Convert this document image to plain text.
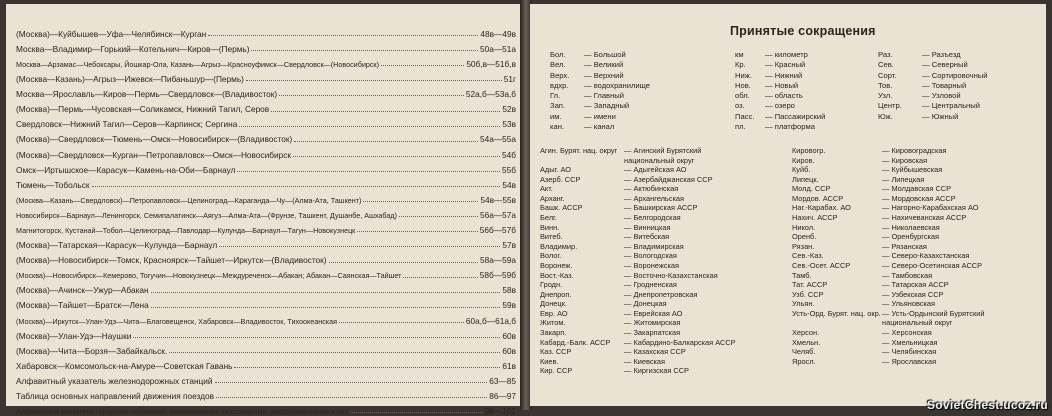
(Москва)—Куйбышев—Уфа—Челябинск—Курган	48в—49в
Москва—Владимир—Горький—Котельнич—Киров—(Пермь)	50а—51а
Москва—Арзамас—Чебоксары, Йошкар-Ола, Казань—Агрыз—Красноуфимск—Свердловск—(Новосибирск)	50б,в—51б,в
(Москва—Казань)—Агрыз—Ижевск—Пибаньшур—(Пермь)	51г
Москва—Ярославль—Киров—Пермь—Свердловск—(Владивосток)	52а,б—53а,б
(Москва)—Пермь—Чусовская—Соликамск, Нижний Тагил, Серов	52в
Свердловск—Нижний Тагил—Серов—Карпинск; Сергина	53в
(Москва)—Свердловск—Тюмень—Омск—Новосибирск—(Владивосток)	54а—55а
(Москва)—Свердловск—Курган—Петропавловск—Омск—Новосибирск	54б
Омск—Иртышское—Карасук—Камень-на-Оби—Барнаул	55б
Тюмень—Тобольск	54в
(Москва—Казань—Свердловск)—Петропавловск—Целиноград—Караганда—Чу—(Алма-Ата, Ташкент)	54в—55в
Новосибирск—Барнаул—Ленингорск, Семипалатинск—Аягуз—Алма-Ата—(Фрунзе, Ташкент, Душанбе, Ашхабад)	56а—57а
Магнитогорск, Кустанай—Тобол—Целиноград—Павлодар—Кулунда—Барнаул—Тагун—Новокузнецк	56б—57б
(Москва)—Татарская—Карасук—Кулунда—Барнаул	57в
(Москва)—Новосибирск—Томск, Красноярск—Тайшет—Иркутск—(Владивосток)	58а—59а
(Москва)—Новосибирск—Кемерово, Тогучин—Новокузнецк—Междуреченск—Абакан; Абакан—Саянская—Тайшет	58б—59б
(Москва)—Ачинск—Ужур—Абакан	58в
(Москва)—Тайшет—Братск—Лена	59в
(Москва)—Иркутск—Улан-Удэ—Чита—Благовещенск, Хабаровск—Владивосток, Тихоокеанская	60а,б—61а,б
(Москва)—Улан-Удэ—Наушки	60в
(Москва)—Чита—Борзя—Забайкальск.	60в
Хабаровск—Комсомольск-на-Амуре—Советская Гавань	61в
Алфавитный указатель железнодорожных станций	63—85
Таблица основных направлений движения поездов	86—97
Алфавитный указатель городских поселений, разноименных со станциями, расположенными в них	98—101
Принятые сокращения
Бол. — Большой
Вел. — Великий
Верх. — Верхний
вдхр. — водохранилище
Гл.	— Главный
Зап. — Западный
им.	— имени
кан.	— канал
км	— километр
Кр.	— Красный
Ниж. — Нижний
Нов. — Новый
обл. — область
оз.	— озеро
Пасс. — Пассажирский
пл.	— платформа
Раз.	— Разъезд
Сев.	— Северный
Сорт.	— Сортировочный
Тов.	— Товарный
Узл.	— Узловой
Центр.	— Центральный
Юж.	— Южный
Агин. Бурят. нац. округ — Агинский Бурятский национальный округ
Адыг. АО	— Адыгейская АО
Азерб. ССР	— Азербайджанская ССР
Акт.	— Актюбинская
Арханг.	— Архангельская
Башк. АССР	— Башкирская АССР
Белг.	— Белгородская
Винн.	— Винницкая
Витеб.	— Витебская
Владимир.	— Владимирская
Волог.	— Вологодская
Воронеж.	— Воронежская
Вост.-Каз.	— Восточно-Казахстанская
Гродн.	— Гродненская
Днепроп.	— Днепропетровская
Донецк.	— Донецкая
Евр. АО	— Еврейская АО
Житом.	— Житомирская
Закарп.	— Закарпатская
Кабард.-Балк. АССР — Кабардино-Балкарская АССР
Каз. ССР	— Казахская ССР
Киев.	— Киевская
Кир. ССР	— Киргизская ССР
Кировогр.	— Кировоградская
Киров.	— Кировская
Куйб.	— Куйбышевская
Липецк.	— Липецкая
Молд. ССР	— Молдавская ССР
Мордов. АССР	— Мордовская АССР
Наг.-Карабах. АО	— Нагорно-Карабахская АО
Нахич. АССР	— Нахичеванская АССР
Никол.	— Николаевская
Оренб.	— Оренбургская
Рязан.	— Рязанская
Сев.-Каз.	— Северо-Казахстанская
Сев.-Осет. АССР	— Северо-Осетинская АССР
Тамб.	— Тамбовская
Тат. АССР	— Татарская АССР
Узб. ССР	— Узбекская ССР
Ульян.	— Ульяновская
Усть-Орд. Бурят. нац. окр.— Усть-Ордынский Бурятский национальный округ
Херсон.	— Херсонская
Хмельн.	— Хмельницкая
Челяб.	— Челябинская
Яросл.	— Ярославская
SovietChest.ucoz.ru
